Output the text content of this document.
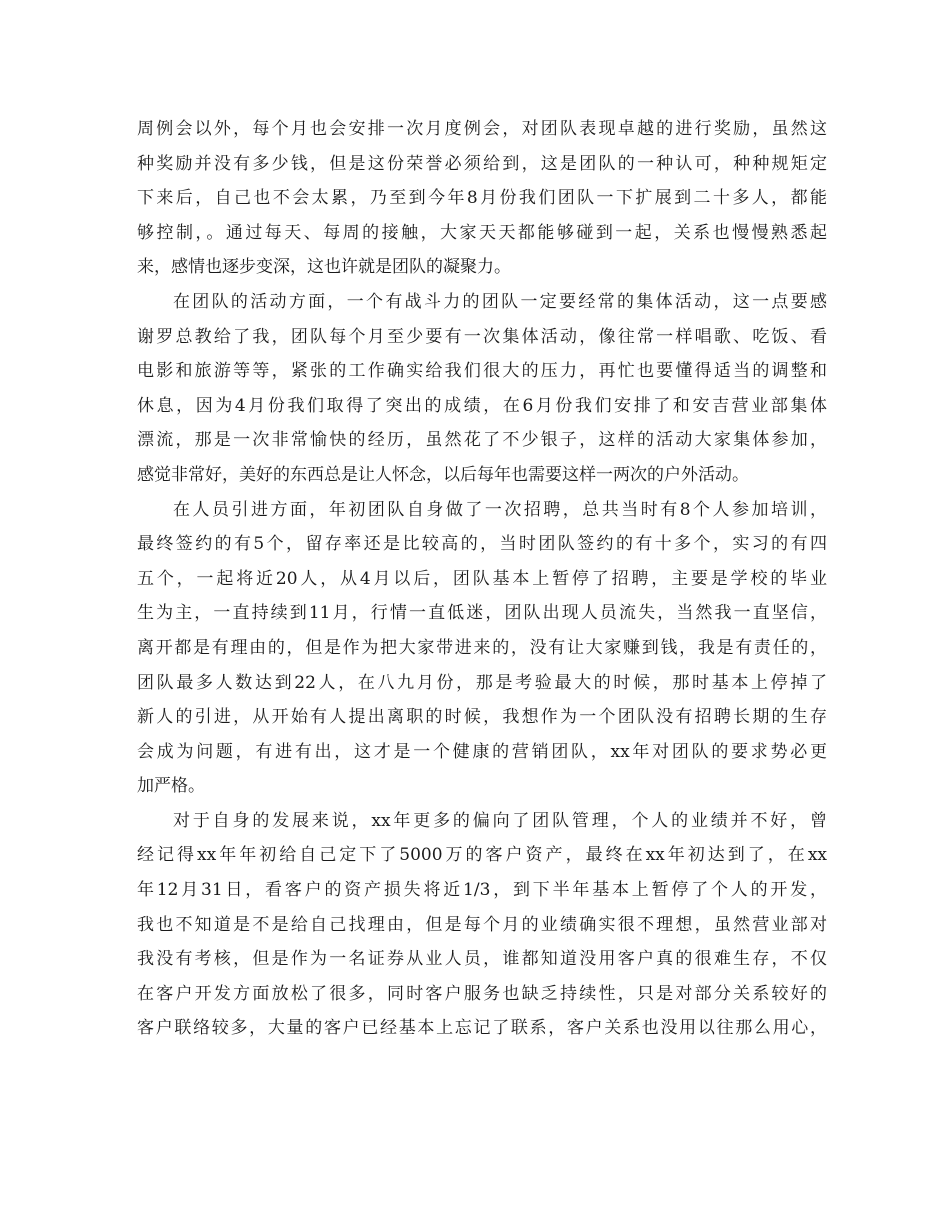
周例会以外，每个月也会安排一次月度例会，对团队表现卓越的进行奖励，虽然这
种奖励并没有多少钱，但是这份荣誉必须给到，这是团队的一种认可，种种规矩定
下来后，自己也不会太累，乃至到今年8月份我们团队一下扩展到二十多人，都能
够控制，。通过每天、每周的接触，大家天天都能够碰到一起，关系也慢慢熟悉起
来，感情也逐步变深，这也许就是团队的凝聚力。
在团队的活动方面，一个有战斗力的团队一定要经常的集体活动，这一点要感
谢罗总教给了我，团队每个月至少要有一次集体活动，像往常一样唱歌、吃饭、看
电影和旅游等等，紧张的工作确实给我们很大的压力，再忙也要懂得适当的调整和
休息，因为4月份我们取得了突出的成绩，在6月份我们安排了和安吉营业部集体
漂流，那是一次非常愉快的经历，虽然花了不少银子，这样的活动大家集体参加，
感觉非常好，美好的东西总是让人怀念，以后每年也需要这样一两次的户外活动。
在人员引进方面，年初团队自身做了一次招聘，总共当时有8个人参加培训，
最终签约的有5个，留存率还是比较高的，当时团队签约的有十多个，实习的有四
五个，一起将近20人，从4月以后，团队基本上暂停了招聘，主要是学校的毕业
生为主，一直持续到11月，行情一直低迷，团队出现人员流失，当然我一直坚信，
离开都是有理由的，但是作为把大家带进来的，没有让大家赚到钱，我是有责任的，
团队最多人数达到22人，在八九月份，那是考验最大的时候，那时基本上停掉了
新人的引进，从开始有人提出离职的时候，我想作为一个团队没有招聘长期的生存
会成为问题，有进有出，这才是一个健康的营销团队，xx年对团队的要求势必更
加严格。
对于自身的发展来说，xx年更多的偏向了团队管理，个人的业绩并不好，曾
经记得xx年年初给自己定下了5000万的客户资产，最终在xx年初达到了，在xx
年12月31日，看客户的资产损失将近1/3，到下半年基本上暂停了个人的开发，
我也不知道是不是给自己找理由，但是每个月的业绩确实很不理想，虽然营业部对
我没有考核，但是作为一名证券从业人员，谁都知道没用客户真的很难生存，不仅
在客户开发方面放松了很多，同时客户服务也缺乏持续性，只是对部分关系较好的
客户联络较多，大量的客户已经基本上忘记了联系，客户关系也没用以往那么用心，
